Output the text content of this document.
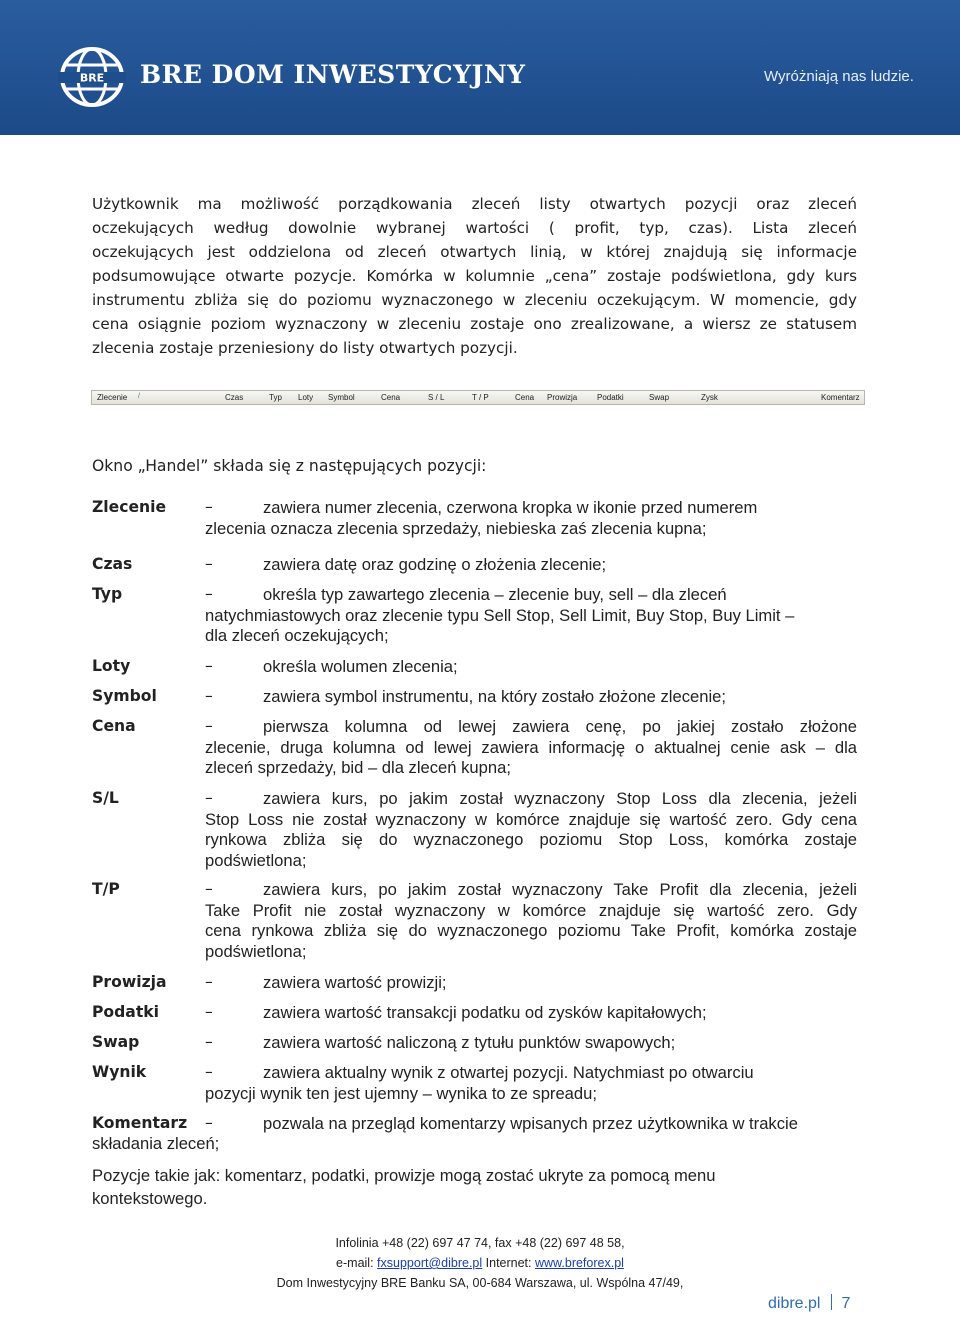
BRE BRE DOM INWESTYCYJNY	Wyróżniają nas ludzie.
Użytkownik ma możliwość porządkowania zleceń listy otwartych pozycji oraz zleceń
oczekujących według dowolnie wybranej wartości ( profit, typ, czas). Lista zleceń
oczekujących jest oddzielona od zleceń otwartych linią, w której znajdują się informacje
podsumowujące otwarte pozycje. Komórka w kolumnie „cena” zostaje podświetlona, gdy kurs
instrumentu zbliża się do poziomu wyznaczonego w zleceniu oczekującym. W momencie, gdy
cena osiągnie poziom wyznaczony w zleceniu zostaje ono zrealizowane, a wiersz ze statusem
zlecenia zostaje przeniesiony do listy otwartych pozycji.
Zlecenie /	Czas	Typ Loty Symbol	Cena	S / L	T / P	Cena Prowizja Podatki	Swap	Zysk	Komentarz
Okno „Handel” składa się z następujących pozycji:
Zlecenie –	zawiera numer zlecenia, czerwona kropka w ikonie przed numerem
zlecenia oznacza zlecenia sprzedaży, niebieska zaś zlecenia kupna;
Czas	–	zawiera datę oraz godzinę o złożenia zlecenie;
Typ	–	określa typ zawartego zlecenia – zlecenie buy, sell – dla zleceń
natychmiastowych oraz zlecenie typu Sell Stop, Sell Limit, Buy Stop, Buy Limit –
dla zleceń oczekujących;
Loty	–	określa wolumen zlecenia;
Symbol	–	zawiera symbol instrumentu, na który zostało złożone zlecenie;
Cena	–	pierwsza kolumna od lewej zawiera cenę, po jakiej zostało złożone
zlecenie, druga kolumna od lewej zawiera informację o aktualnej cenie ask – dla
zleceń sprzedaży, bid – dla zleceń kupna;
S/L	–	zawiera kurs, po jakim został wyznaczony Stop Loss dla zlecenia, jeżeli
Stop Loss nie został wyznaczony w komórce znajduje się wartość zero. Gdy cena
rynkowa zbliża się do wyznaczonego poziomu Stop Loss, komórka zostaje
podświetlona;
T/P	–	zawiera kurs, po jakim został wyznaczony Take Profit dla zlecenia, jeżeli
Take Profit nie został wyznaczony w komórce znajduje się wartość zero. Gdy
cena rynkowa zbliża się do wyznaczonego poziomu Take Profit, komórka zostaje
podświetlona;
Prowizja –	zawiera wartość prowizji;
Podatki	–	zawiera wartość transakcji podatku od zysków kapitałowych;
Swap	–	zawiera wartość naliczoną z tytułu punktów swapowych;
Wynik	–	zawiera aktualny wynik z otwartej pozycji. Natychmiast po otwarciu
pozycji wynik ten jest ujemny – wynika to ze spreadu;
Komentarz –	pozwala na przegląd komentarzy wpisanych przez użytkownika w trakcie
składania zleceń;
Pozycje takie jak: komentarz, podatki, prowizje mogą zostać ukryte za pomocą menu
kontekstowego.
Infolinia +48 (22) 697 47 74, fax +48 (22) 697 48 58,
e-mail: fxsupport@dibre.pl Internet: www.breforex.pl
Dom Inwestycyjny BRE Banku SA, 00-684 Warszawa, ul. Wspólna 47/49,
dibre.pl 7
